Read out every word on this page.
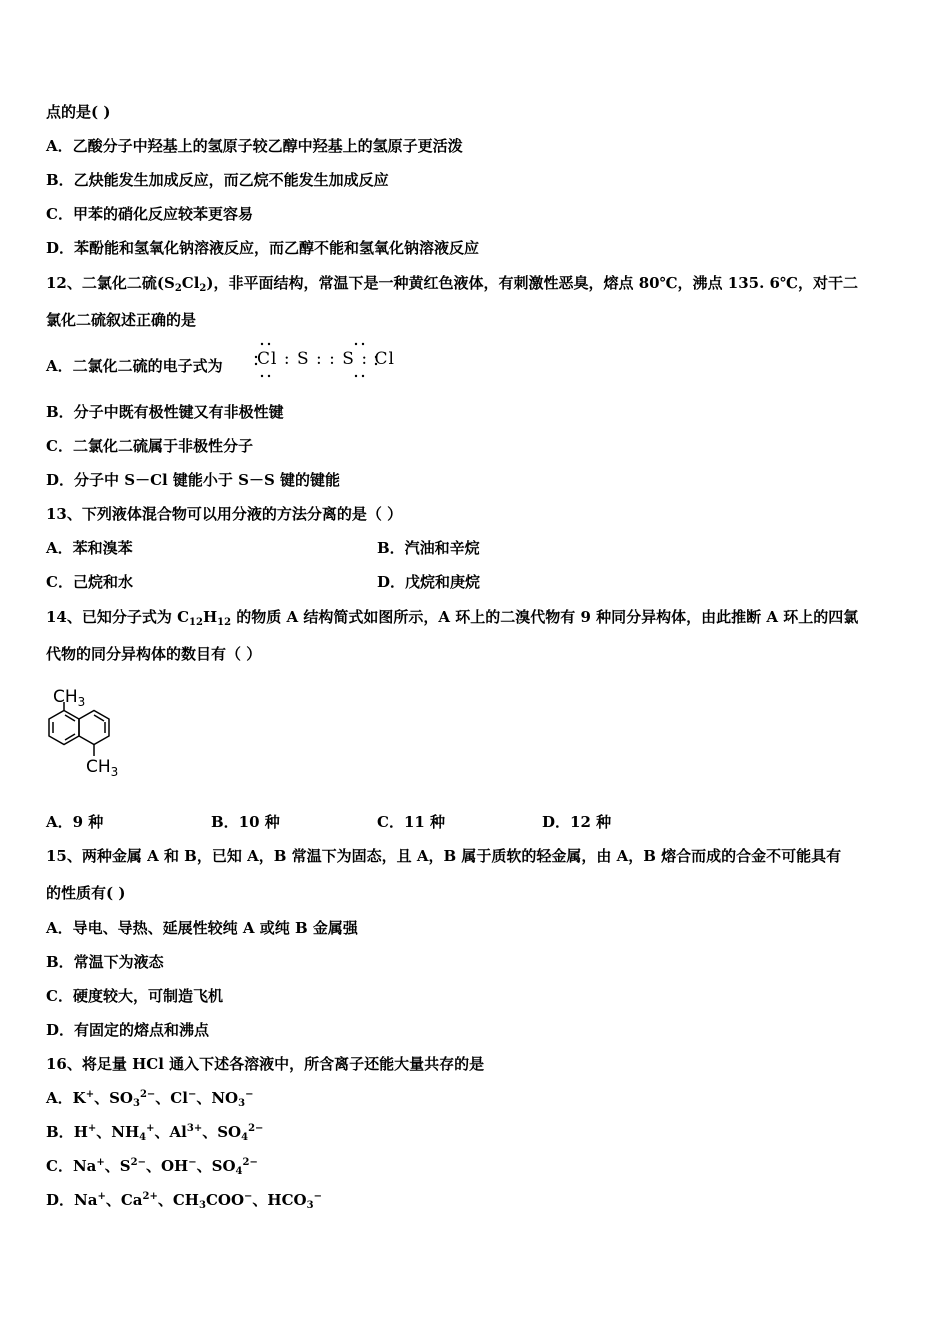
点的是( )
A．乙酸分子中羟基上的氢原子较乙醇中羟基上的氢原子更活泼
B．乙炔能发生加成反应，而乙烷不能发生加成反应
C．甲苯的硝化反应较苯更容易
D．苯酚能和氢氧化钠溶液反应，而乙醇不能和氢氧化钠溶液反应
12、二氯化二硫$(S_2Cl_2)$，非平面结构，常温下是一种黄红色液体，有刺激性恶臭，熔点 80℃，沸点 135. 6℃，对干二
氯化二硫叙述正确的是
A．二氯化二硫的电子式为 Cl : S : : S : Cl
B．分子中既有极性键又有非极性键
C．二氯化二硫属于非极性分子
D．分子中 S－Cl 键能小于 S－S 键的键能
13、下列液体混合物可以用分液的方法分离的是（ ）
A．苯和溴苯	B．汽油和辛烷
C．己烷和水	D．戊烷和庚烷
14、已知分子式为 $C_{12}H_{12}$ 的物质 A 结构简式如图所示，A 环上的二溴代物有 9 种同分异构体，由此推断 A 环上的四氯
代物的同分异构体的数目有（ ）
$CH_3$
$CH_3$
A．9 种	B．10 种	C．11 种	D．12 种
15、两种金属 A 和 B，已知 A，B 常温下为固态，且 A，B 属于质软的轻金属，由 A，B 熔合而成的合金不可能具有
的性质有( )
A．导电、导热、延展性较纯 A 或纯 B 金属强
B．常温下为液态
C．硬度较大，可制造飞机
D．有固定的熔点和沸点
16、将足量 HCl 通入下述各溶液中，所含离子还能大量共存的是
A．K+、$SO_3^{2-}$、Cl−、$NO_3^-$
B．H+、$NH_4^+$、$Al^{3+}$、$SO_4^{2-}$
C．Na+、$S^{2-}$、OH−、$SO_4^{2-}$
D．Na+、$Ca^{2+}$、$CH_3COO^-$、$HCO_3^-$
